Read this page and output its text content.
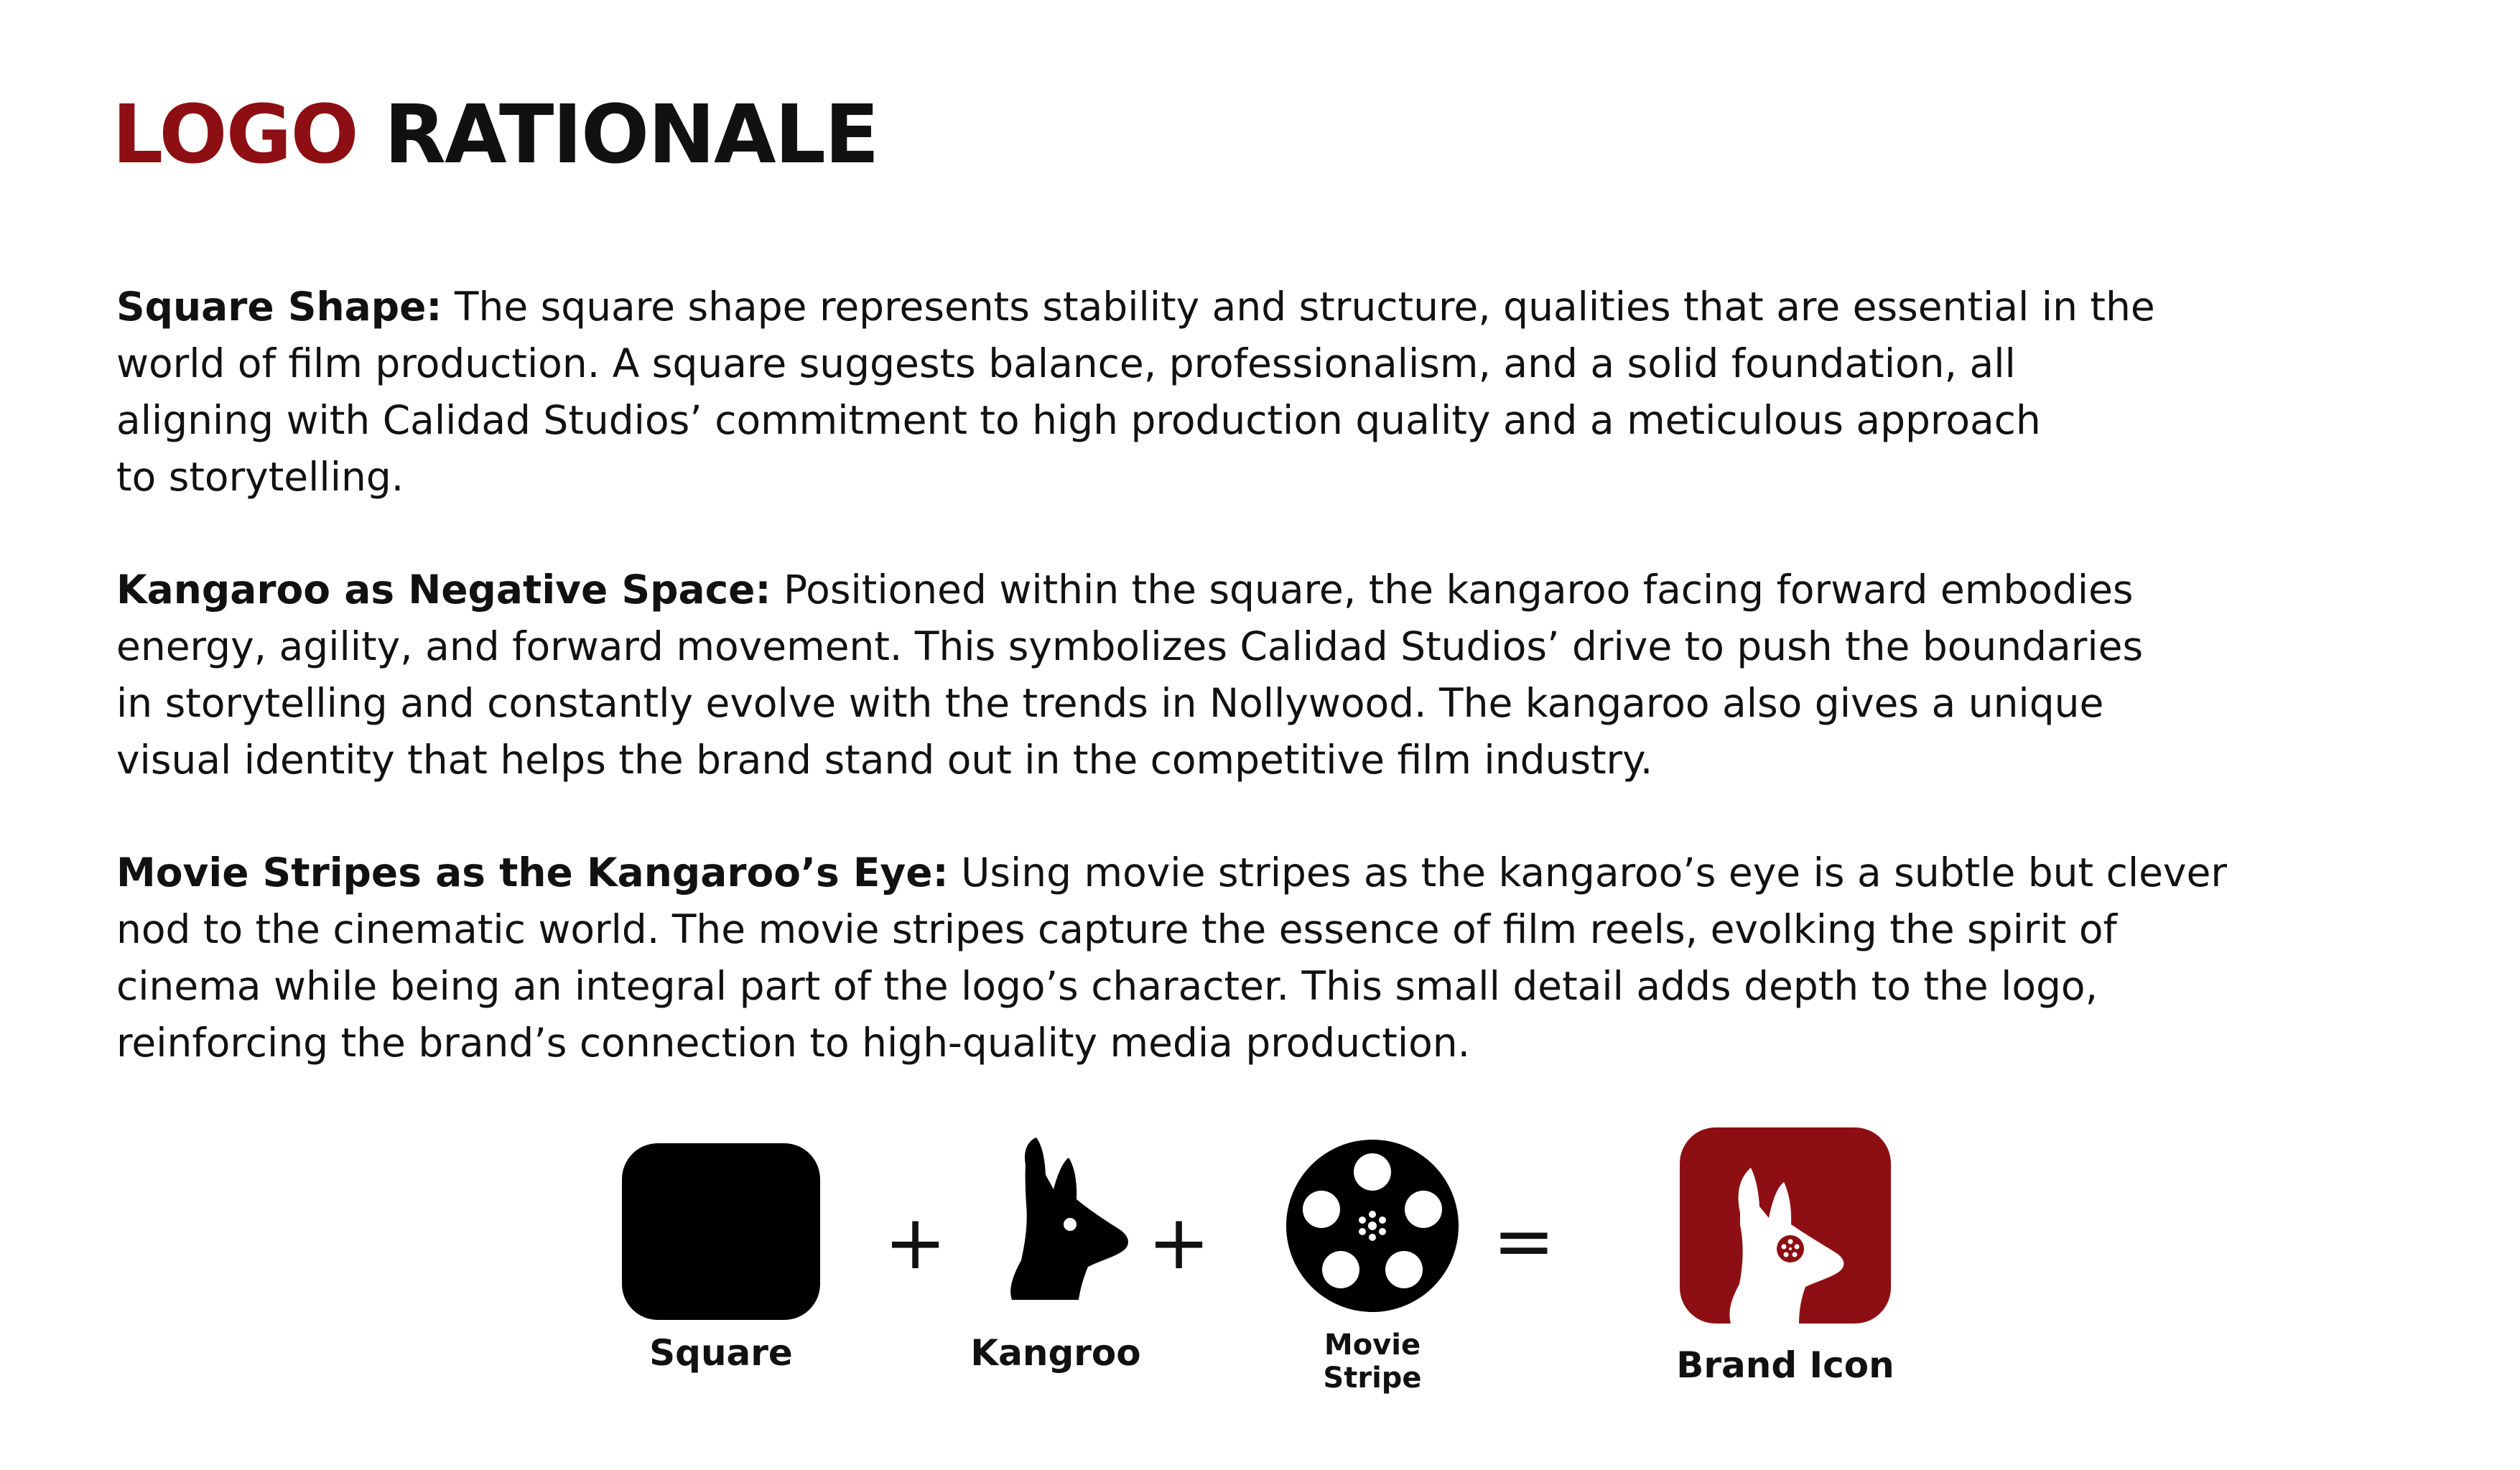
LOGO RATIONALE
Square Shape: The square shape represents stability and structure, qualities that are essential in the
world of film production. A square suggests balance, professionalism, and a solid foundation, all
aligning with Calidad Studios’ commitment to high production quality and a meticulous approach
to storytelling.
Kangaroo as Negative Space: Positioned within the square, the kangaroo facing forward embodies
energy, agility, and forward movement. This symbolizes Calidad Studios’ drive to push the boundaries
in storytelling and constantly evolve with the trends in Nollywood. The kangaroo also gives a unique
visual identity that helps the brand stand out in the competitive film industry.
Movie Stripes as the Kangaroo’s Eye: Using movie stripes as the kangaroo’s eye is a subtle but clever
nod to the cinematic world. The movie stripes capture the essence of film reels, evolking the spirit of
cinema while being an integral part of the logo’s character. This small detail adds depth to the logo,
reinforcing the brand’s connection to high-quality media production.
Square
+
Kangroo
+
Movie
Stripe
=
Brand Icon
